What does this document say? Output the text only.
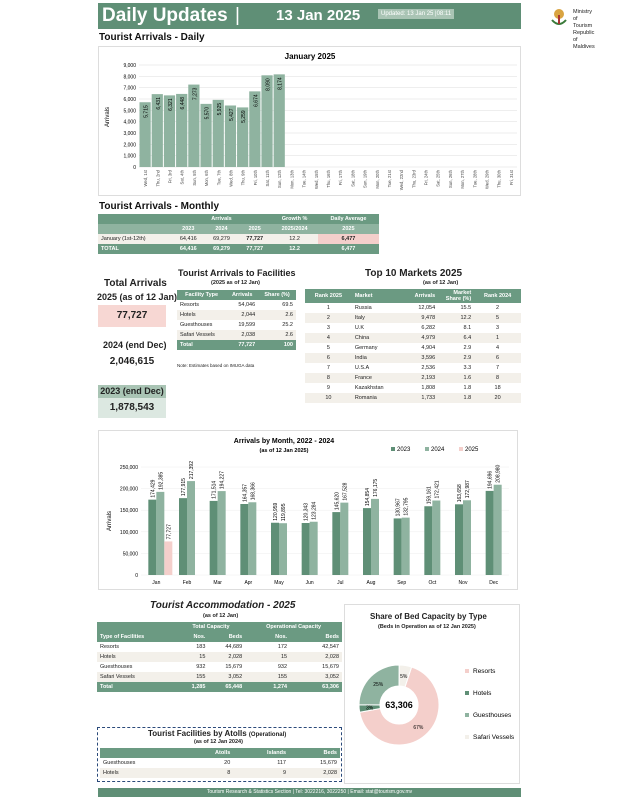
Daily Updates | 13 Jan 2025	Updated: 13 Jan 25 |08:11	Ministry of Tourism
Republic of Maldives
Tourist Arrivals - Daily
January 2025
Arrivals
0
1,000
2,000
3,000
4,000
5,000
6,000
7,000
8,000
9,000
5,715
6,431 6,321 6,448
7,273
5,570 5,925 5,427 5,259
6,674
8,090 8,174
Wed, 1st Thu, 2nd Fri, 3rd Sat, 4th Sun, 5th Mon, 6th Tue, 7th Wed, 8th Thu, 9th Fri, 10th Sat, 11th Sun, 12th Mon, 13th Tue, 14th Wed, 15th Thu, 16th Fri, 17th Sat, 18th Sun, 19th Mon, 20th Tue, 21st Wed, 22nd Thu, 23rd Fri, 24th Sat, 25th Sun, 26th Mon, 27th Tue, 28th Wed, 29th Thu, 30th Fri, 31st
Tourist Arrivals - Monthly
	Arrivals			Growth %	Daily Average
	2023	2024	2025	2025/2024	2025
January (1st-12th)	64,416	69,279	77,727	12.2	6,477
TOTAL	64,416	69,279	77,727	12.2	6,477
Total Arrivals
2025 (as of 12 Jan)
77,727
2024 (end Dec)
2,046,615
2023 (end Dec)
1,878,543
Tourist Arrivals to Facilities
(2025 as of 12 Jan)
Facility Type	Arrivals	Share (%)
Resorts	54,046	69.5
Hotels	2,044	2.6
Guesthouses	19,599	25.2
Safari Vessels	2,038	2.6
Total	77,727	100
Note: Estimates based on IMUGA data
Top 10 Markets 2025
(as of 12 Jan)
Rank 2025	Market	Arrivals	Market Share (%)	Rank 2024
1	Russia	12,054	15.5	2
2	Italy	9,478	12.2	5
3	U.K	6,282	8.1	3
4	China	4,979	6.4	1
5	Germany	4,904	2.9	4
6	India	3,596	2.9	6
7	U.S.A	2,536	3.3	7
8	France	2,193	1.6	8
9	Kazakhstan	1,808	1.8	18
10	Romania	1,733	1.8	20
Arrivals by Month, 2022 - 2024
(as of 12 Jan 2025)
Arrivals
0
50,000
100,000
150,000
200,000
250,000
2023
174,429	177,915	171,514	164,357
120,959	120,343
145,620	154,854
130,967
159,161	163,658
194,696
2024
192,385
217,392
194,227
168,366
119,895	123,284
167,528	176,175
132,795
172,421	172,987
208,980
2025
77,727
Jan	Feb	Mar	Apr	May	Jun	Jul	Aug	Sep	Oct	Nov	Dec
Tourist Accommodation - 2025
(as of 12 Jan)
	Total Capacity		Operational Capacity	
Type of Facilities	Nos.	Beds	Nos.	Beds
Resorts	183	44,689	172	42,547
Hotels	15	2,028	15	2,028
Guesthouses	932	15,679	932	15,679
Safari Vessels	155	3,052	155	3,052
Total	1,285	65,448	1,274	63,306
Tourist Facilities by Atolls (Operational)
(as of 12 Jan 2024)
	Atolls	Islands	Beds
Guesthouses	20	117	15,679
Hotels	8	9	2,028
67%
Resorts
3%
Hotels
25%
Guesthouses
5%
Safari Vessels
63,306
Share of Bed Capacity by Type
(Beds in Operation as of 12 Jan 2025)
Tourism Research & Statistics Section | Tel: 3022216, 3022250 | Email: stat@tourism.gov.mv
